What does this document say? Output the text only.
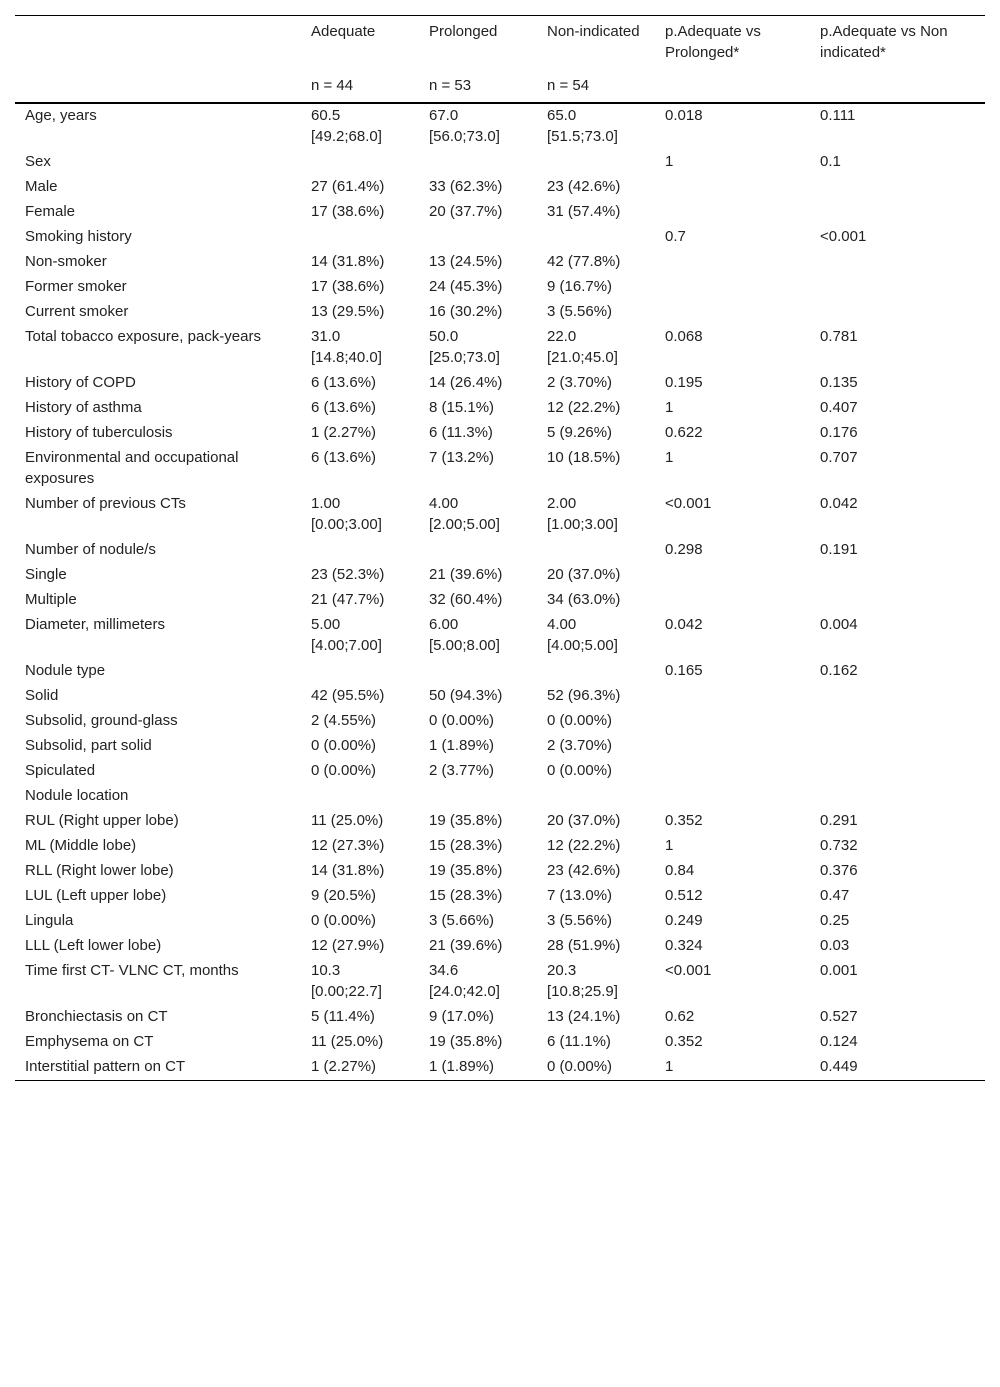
	Adequate	Prolonged	Non-indicated	p.Adequate vs Prolonged*	p.Adequate vs Non indicated*
	n = 44	n = 53	n = 54		
Age, years	60.5 [49.2;68.0]	67.0 [56.0;73.0]	65.0 [51.5;73.0]	0.018	0.111
Sex				1	0.1
Male	27 (61.4%)	33 (62.3%)	23 (42.6%)		
Female	17 (38.6%)	20 (37.7%)	31 (57.4%)		
Smoking history				0.7	<0.001
Non-smoker	14 (31.8%)	13 (24.5%)	42 (77.8%)		
Former smoker	17 (38.6%)	24 (45.3%)	9 (16.7%)		
Current smoker	13 (29.5%)	16 (30.2%)	3 (5.56%)		
Total tobacco exposure, pack-years	31.0 [14.8;40.0]	50.0 [25.0;73.0]	22.0 [21.0;45.0]	0.068	0.781
History of COPD	6 (13.6%)	14 (26.4%)	2 (3.70%)	0.195	0.135
History of asthma	6 (13.6%)	8 (15.1%)	12 (22.2%)	1	0.407
History of tuberculosis	1 (2.27%)	6 (11.3%)	5 (9.26%)	0.622	0.176
Environmental and occupational exposures	6 (13.6%)	7 (13.2%)	10 (18.5%)	1	0.707
Number of previous CTs	1.00 [0.00;3.00]	4.00 [2.00;5.00]	2.00 [1.00;3.00]	<0.001	0.042
Number of nodule/s				0.298	0.191
Single	23 (52.3%)	21 (39.6%)	20 (37.0%)		
Multiple	21 (47.7%)	32 (60.4%)	34 (63.0%)		
Diameter, millimeters	5.00 [4.00;7.00]	6.00 [5.00;8.00]	4.00 [4.00;5.00]	0.042	0.004
Nodule type				0.165	0.162
Solid	42 (95.5%)	50 (94.3%)	52 (96.3%)		
Subsolid, ground-glass	2 (4.55%)	0 (0.00%)	0 (0.00%)		
Subsolid, part solid	0 (0.00%)	1 (1.89%)	2 (3.70%)		
Spiculated	0 (0.00%)	2 (3.77%)	0 (0.00%)		
Nodule location					
RUL (Right upper lobe)	11 (25.0%)	19 (35.8%)	20 (37.0%)	0.352	0.291
ML (Middle lobe)	12 (27.3%)	15 (28.3%)	12 (22.2%)	1	0.732
RLL (Right lower lobe)	14 (31.8%)	19 (35.8%)	23 (42.6%)	0.84	0.376
LUL (Left upper lobe)	9 (20.5%)	15 (28.3%)	7 (13.0%)	0.512	0.47
Lingula	0 (0.00%)	3 (5.66%)	3 (5.56%)	0.249	0.25
LLL (Left lower lobe)	12 (27.9%)	21 (39.6%)	28 (51.9%)	0.324	0.03
Time first CT- VLNC CT, months	10.3 [0.00;22.7]	34.6 [24.0;42.0]	20.3 [10.8;25.9]	<0.001	0.001
Bronchiectasis on CT	5 (11.4%)	9 (17.0%)	13 (24.1%)	0.62	0.527
Emphysema on CT	11 (25.0%)	19 (35.8%)	6 (11.1%)	0.352	0.124
Interstitial pattern on CT	1 (2.27%)	1 (1.89%)	0 (0.00%)	1	0.449
